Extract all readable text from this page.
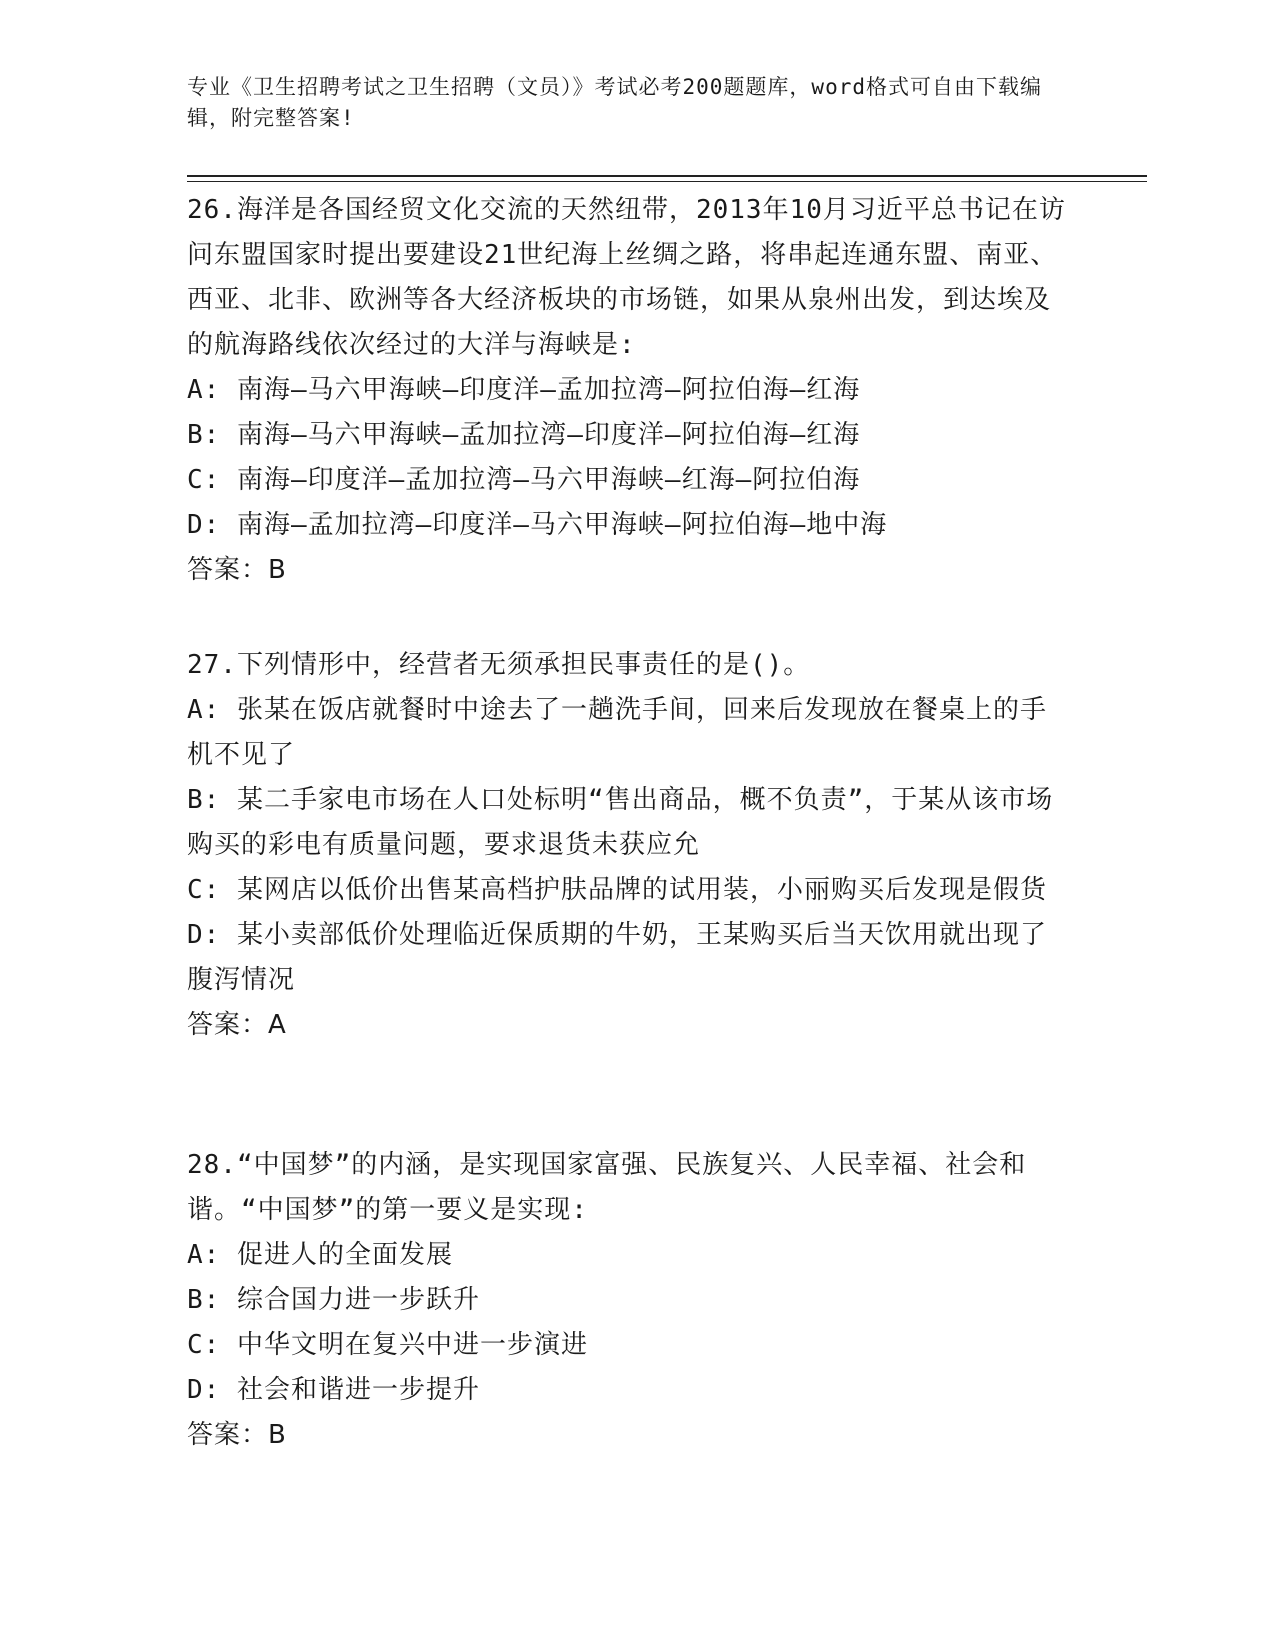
专业《卫生招聘考试之卫生招聘（文员）》考试必考200题题库，word格式可自由下载编辑，附完整答案!
26.海洋是各国经贸文化交流的天然纽带，2013年10月习近平总书记在访问东盟国家时提出要建设21世纪海上丝绸之路，将串起连通东盟、南亚、西亚、北非、欧洲等各大经济板块的市场链，如果从泉州出发，到达埃及的航海路线依次经过的大洋与海峡是:
A: 南海—马六甲海峡—印度洋—孟加拉湾—阿拉伯海—红海
B: 南海—马六甲海峡—孟加拉湾—印度洋—阿拉伯海—红海
C: 南海—印度洋—孟加拉湾—马六甲海峡—红海—阿拉伯海
D: 南海—孟加拉湾—印度洋—马六甲海峡—阿拉伯海—地中海
答案：B
27.下列情形中，经营者无须承担民事责任的是()。
A: 张某在饭店就餐时中途去了一趟洗手间，回来后发现放在餐桌上的手机不见了
B: 某二手家电市场在人口处标明“售出商品，概不负责”，于某从该市场购买的彩电有质量问题，要求退货未获应允
C: 某网店以低价出售某高档护肤品牌的试用装，小丽购买后发现是假货
D: 某小卖部低价处理临近保质期的牛奶，王某购买后当天饮用就出现了腹泻情况
答案：A
28.“中国梦”的内涵，是实现国家富强、民族复兴、人民幸福、社会和谐。“中国梦”的第一要义是实现:
A: 促进人的全面发展
B: 综合国力进一步跃升
C: 中华文明在复兴中进一步演进
D: 社会和谐进一步提升
答案：B
